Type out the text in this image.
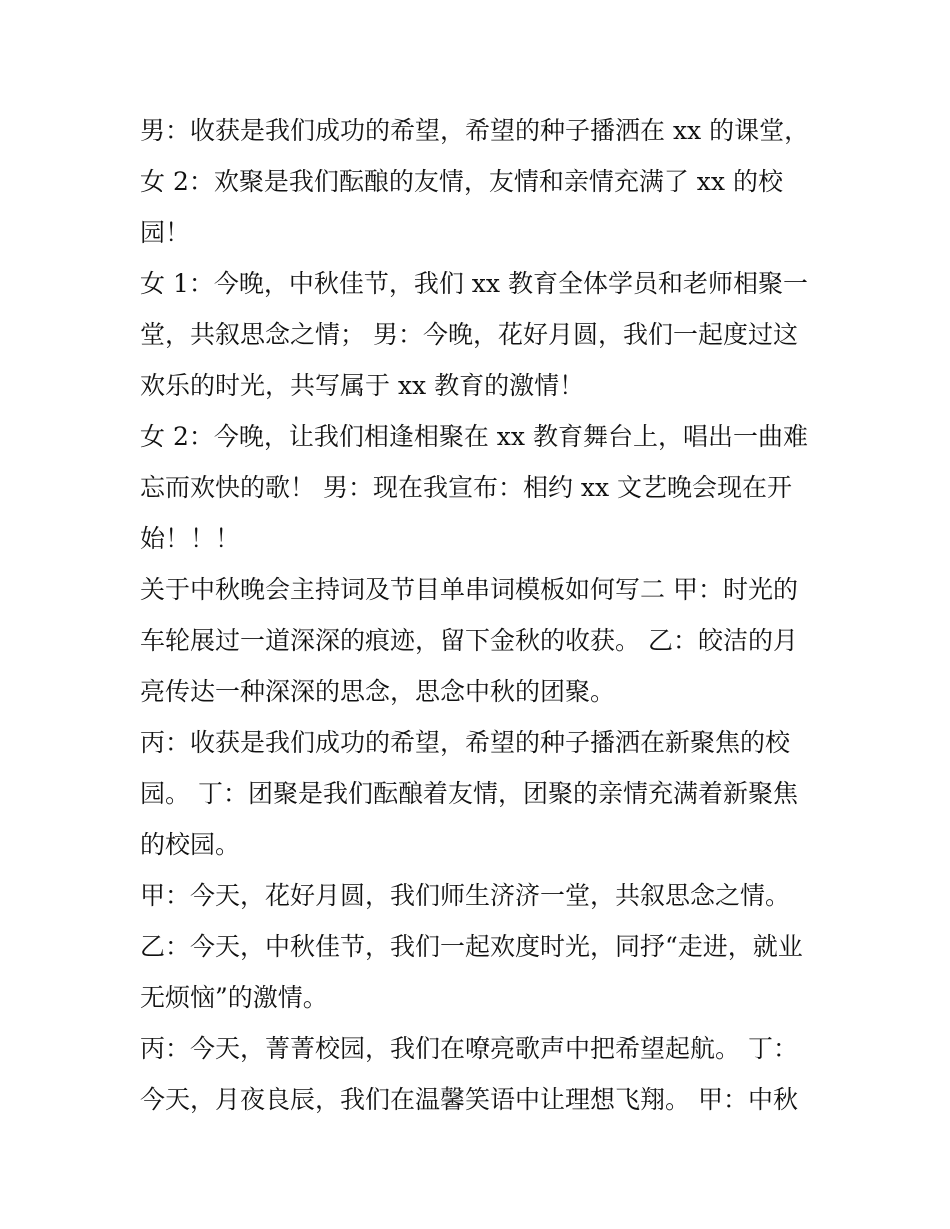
男：收获是我们成功的希望，希望的种子播洒在 xx 的课堂，
女 2：欢聚是我们酝酿的友情，友情和亲情充满了 xx 的校
园！
女 1：今晚，中秋佳节，我们 xx 教育全体学员和老师相聚一
堂，共叙思念之情； 男：今晚，花好月圆，我们一起度过这
欢乐的时光，共写属于 xx 教育的激情！
女 2：今晚，让我们相逢相聚在 xx 教育舞台上，唱出一曲难
忘而欢快的歌！ 男：现在我宣布：相约 xx 文艺晚会现在开
始！！！
关于中秋晚会主持词及节目单串词模板如何写二 甲：时光的
车轮展过一道深深的痕迹，留下金秋的收获。 乙：皎洁的月
亮传达一种深深的思念，思念中秋的团聚。
丙：收获是我们成功的希望，希望的种子播洒在新聚焦的校
园。 丁：团聚是我们酝酿着友情，团聚的亲情充满着新聚焦
的校园。
甲：今天，花好月圆，我们师生济济一堂，共叙思念之情。
乙：今天，中秋佳节，我们一起欢度时光，同抒“走进，就业
无烦恼”的激情。
丙：今天，菁菁校园，我们在嘹亮歌声中把希望起航。 丁：
今天，月夜良辰，我们在温馨笑语中让理想飞翔。 甲：中秋
